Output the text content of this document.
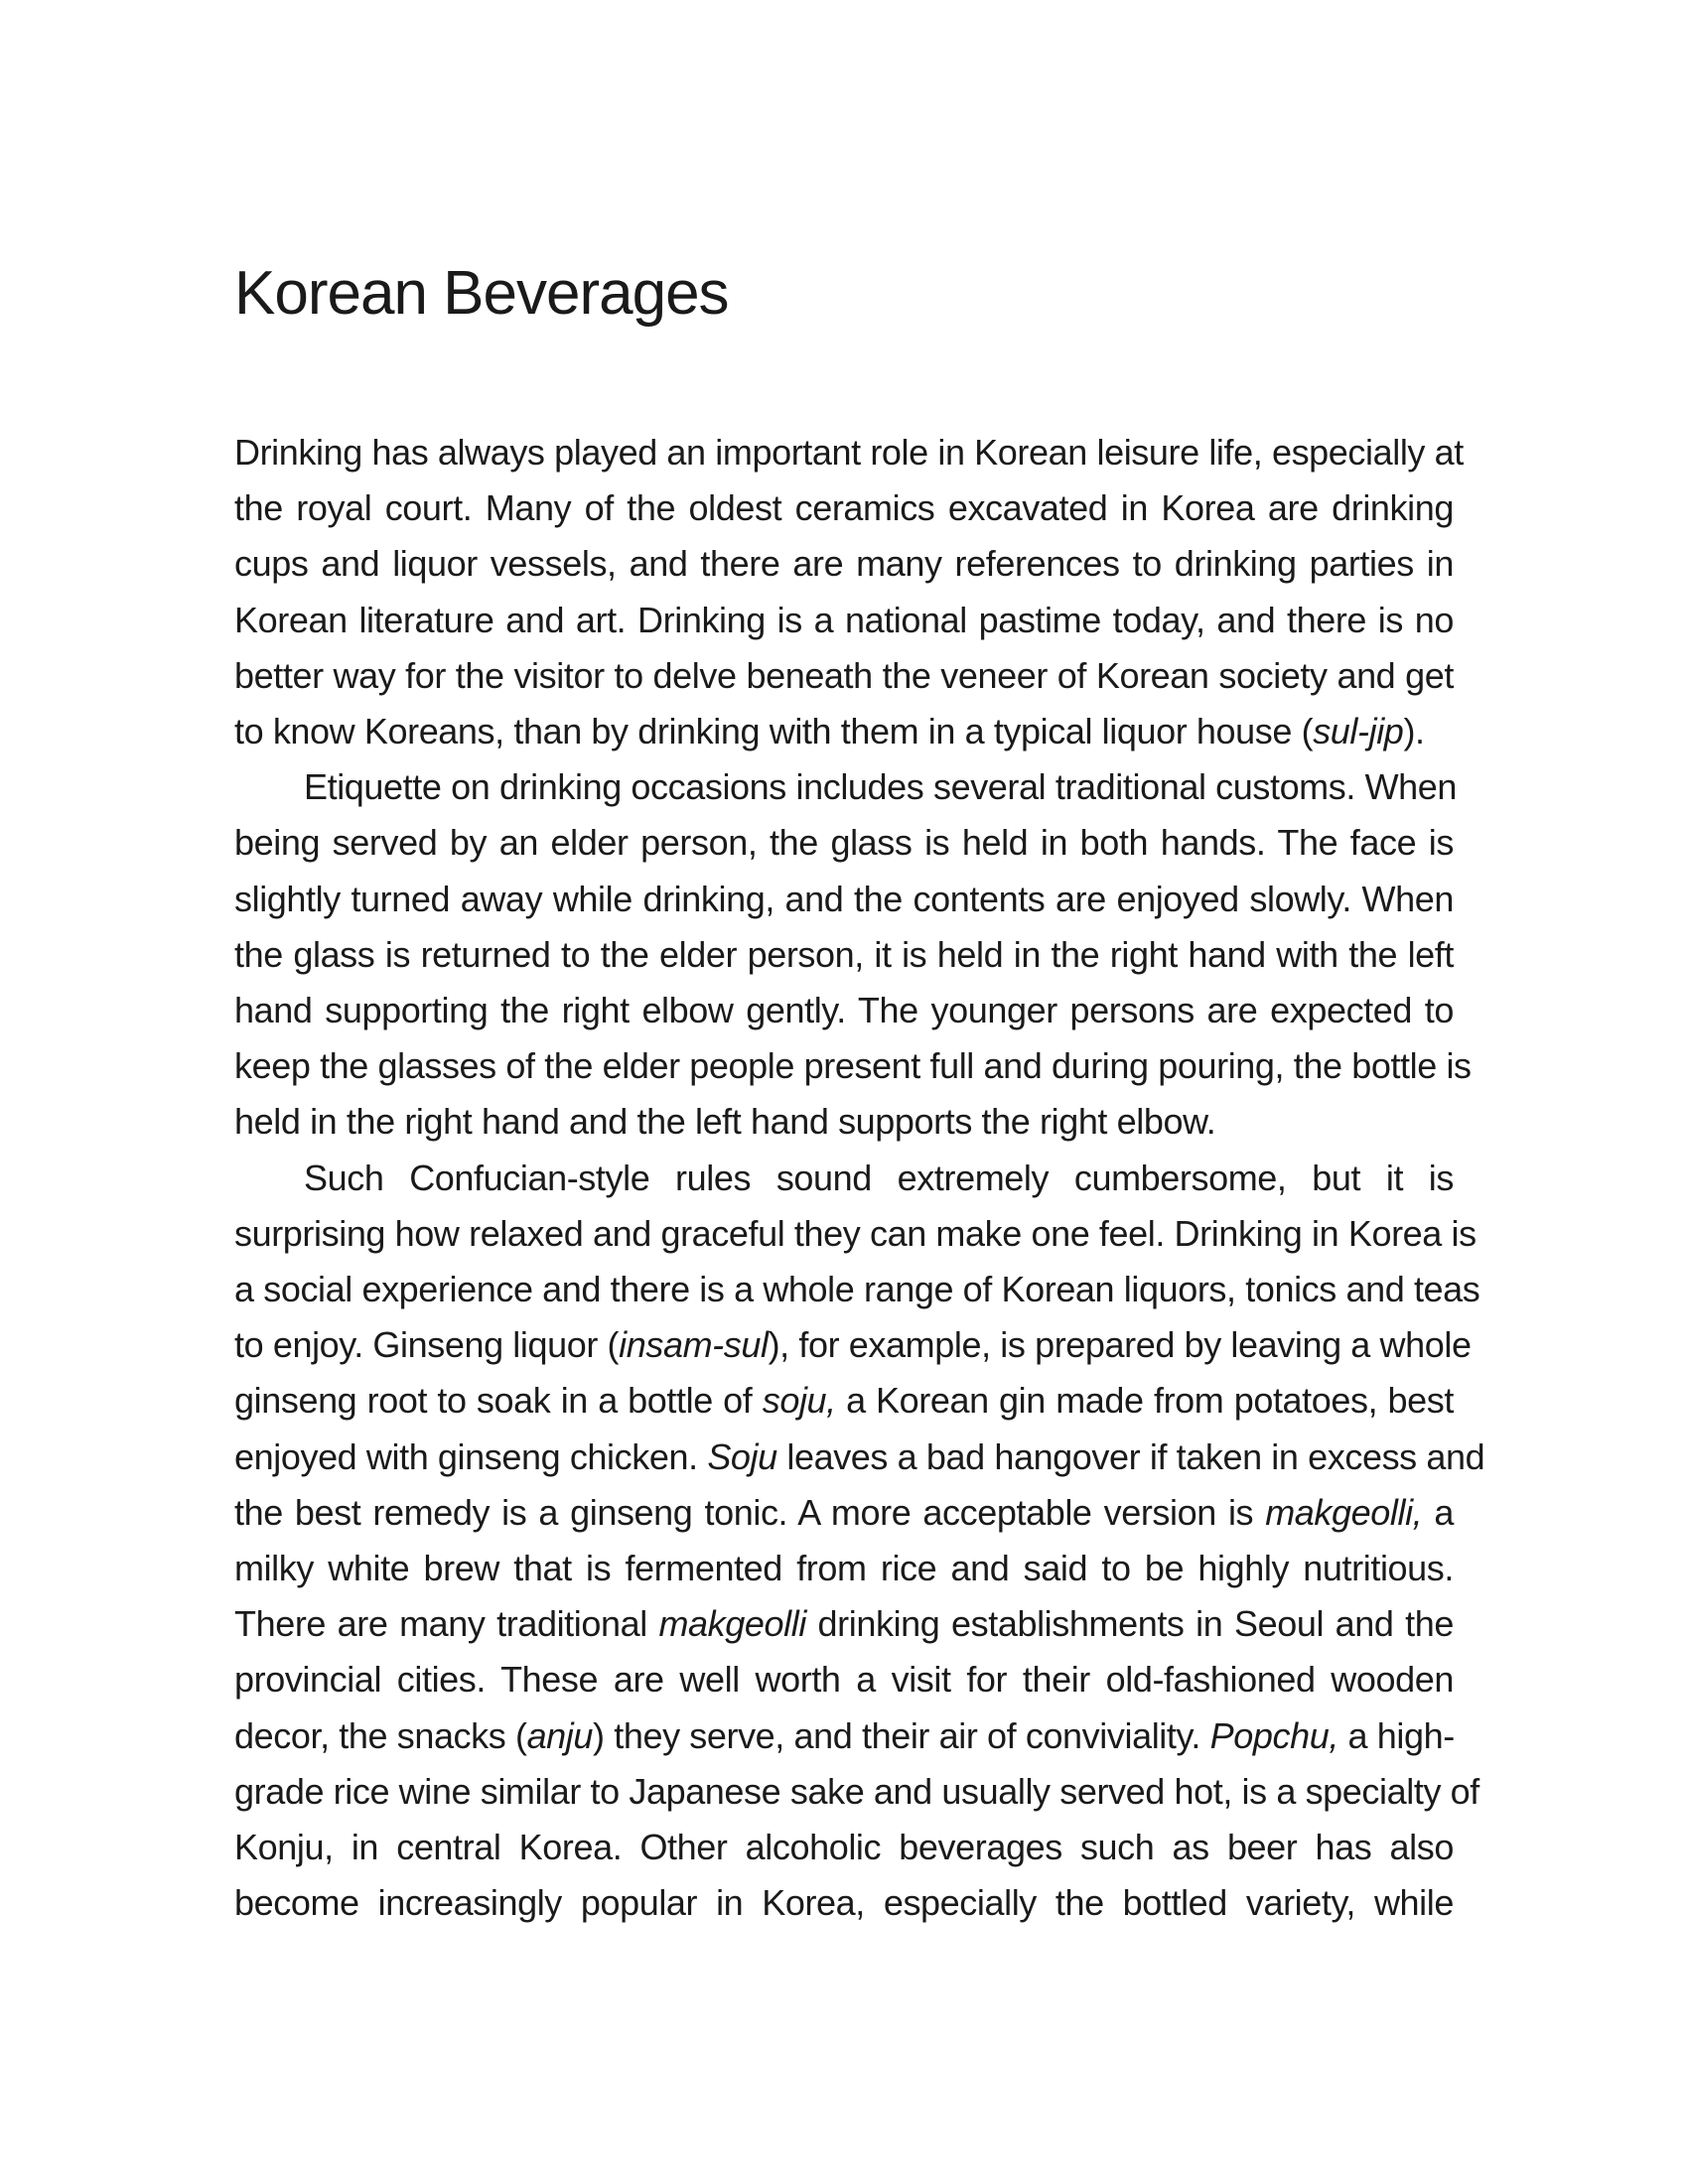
Korean Beverages
Drinking has always played an important role in Korean leisure life, especially at
the royal court. Many of the oldest ceramics excavated in Korea are drinking
cups and liquor vessels, and there are many references to drinking parties in
Korean literature and art. Drinking is a national pastime today, and there is no
better way for the visitor to delve beneath the veneer of Korean society and get
to know Koreans, than by drinking with them in a typical liquor house (sul-jip).
Etiquette on drinking occasions includes several traditional customs. When
being served by an elder person, the glass is held in both hands. The face is
slightly turned away while drinking, and the contents are enjoyed slowly. When
the glass is returned to the elder person, it is held in the right hand with the left
hand supporting the right elbow gently. The younger persons are expected to
keep the glasses of the elder people present full and during pouring, the bottle is
held in the right hand and the left hand supports the right elbow.
Such Confucian-style rules sound extremely cumbersome, but it is
surprising how relaxed and graceful they can make one feel. Drinking in Korea is
a social experience and there is a whole range of Korean liquors, tonics and teas
to enjoy. Ginseng liquor (insam-sul), for example, is prepared by leaving a whole
ginseng root to soak in a bottle of soju, a Korean gin made from potatoes, best
enjoyed with ginseng chicken. Soju leaves a bad hangover if taken in excess and
the best remedy is a ginseng tonic. A more acceptable version is makgeolli, a
milky white brew that is fermented from rice and said to be highly nutritious.
There are many traditional makgeolli drinking establishments in Seoul and the
provincial cities. These are well worth a visit for their old-fashioned wooden
decor, the snacks (anju) they serve, and their air of conviviality. Popchu, a high-
grade rice wine similar to Japanese sake and usually served hot, is a specialty of
Konju, in central Korea. Other alcoholic beverages such as beer has also
become increasingly popular in Korea, especially the bottled variety, while
